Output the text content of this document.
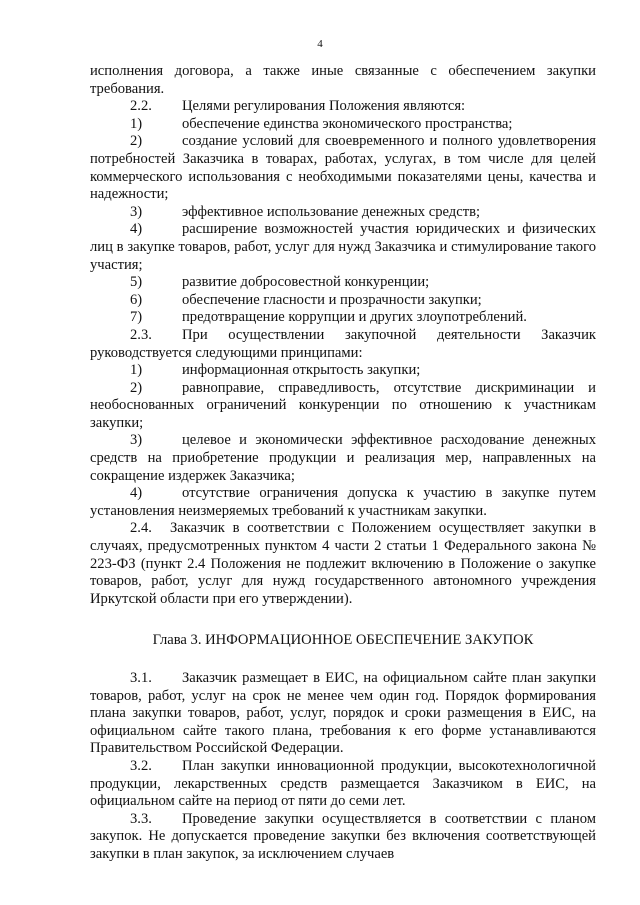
4

исполнения договора, а также иные связанные с обеспечением закупки требования.

2.2. Целями регулирования Положения являются:

1)	обеспечение единства экономического пространства;

2)	создание условий для своевременного и полного удовлетворения потребностей Заказчика в товарах, работах, услугах, в том числе для целей коммерческого использования с необходимыми показателями цены, качества и надежности;

3)	эффективное использование денежных средств;

4)	расширение возможностей участия юридических и физических лиц в закупке товаров, работ, услуг для нужд Заказчика и стимулирование такого участия;

5)	развитие добросовестной конкуренции;

6)	обеспечение гласности и прозрачности закупки;

7)	предотвращение коррупции и других злоупотреблений.

2.3. При осуществлении закупочной деятельности Заказчик руководствуется следующими принципами:

1)	информационная открытость закупки;

2)	равноправие, справедливость, отсутствие дискриминации и необоснованных ограничений конкуренции по отношению к участникам закупки;

3)	целевое и экономически эффективное расходование денежных средств на приобретение продукции и реализация мер, направленных на сокращение издержек Заказчика;

4)	отсутствие ограничения допуска к участию в закупке путем установления неизмеряемых требований к участникам закупки.

2.4. Заказчик в соответствии с Положением осуществляет закупки в случаях, предусмотренных пунктом 4 части 2 статьи 1 Федерального закона № 223-ФЗ (пункт 2.4 Положения не подлежит включению в Положение о закупке товаров, работ, услуг для нужд государственного автономного учреждения Иркутской области при его утверждении).

Глава 3. ИНФОРМАЦИОННОЕ ОБЕСПЕЧЕНИЕ ЗАКУПОК

3.1. Заказчик размещает в ЕИС, на официальном сайте план закупки товаров, работ, услуг на срок не менее чем один год. Порядок формирования плана закупки товаров, работ, услуг, порядок и сроки размещения в ЕИС, на официальном сайте такого плана, требования к его форме устанавливаются Правительством Российской Федерации.

3.2. План закупки инновационной продукции, высокотехнологичной продукции, лекарственных средств размещается Заказчиком в ЕИС, на официальном сайте на период от пяти до семи лет.

3.3. Проведение закупки осуществляется в соответствии с планом закупок. Не допускается проведение закупки без включения соответствующей закупки в план закупок, за исключением случаев
